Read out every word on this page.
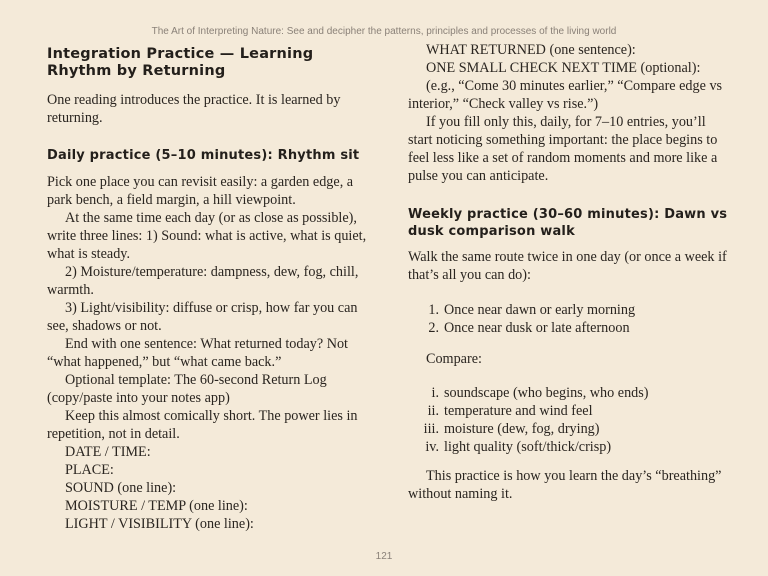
The Art of Interpreting Nature: See and decipher the patterns, principles and processes of the living world
Integration Practice — Learning Rhythm by Returning

One reading introduces the practice. It is learned by returning.

Daily practice (5–10 minutes): Rhythm sit

Pick one place you can revisit easily: a garden edge, a park bench, a field margin, a hill viewpoint.

At the same time each day (or as close as possible), write three lines: 1) Sound: what is active, what is quiet, what is steady.

2) Moisture/temperature: dampness, dew, fog, chill, warmth.

3) Light/visibility: diffuse or crisp, how far you can see, shadows or not.

End with one sentence: What returned today? Not “what happened,” but “what came back.”

Optional template: The 60-second Return Log (copy/paste into your notes app)

Keep this almost comically short. The power lies in repetition, not in detail.

DATE / TIME:

PLACE:

SOUND (one line):

MOISTURE / TEMP (one line):

LIGHT / VISIBILITY (one line):

WHAT RETURNED (one sentence):

ONE SMALL CHECK NEXT TIME (optional):

(e.g., “Come 30 minutes earlier,” “Compare edge vs interior,” “Check valley vs rise.”)

If you fill only this, daily, for 7–10 entries, you’ll start noticing something important: the place begins to feel less like a set of random moments and more like a pulse you can anticipate.

Weekly practice (30–60 minutes): Dawn vs dusk comparison walk

Walk the same route twice in one day (or once a week if that’s all you can do):

1. Once near dawn or early morning
2. Once near dusk or late afternoon

Compare:

i. soundscape (who begins, who ends)
ii. temperature and wind feel
iii. moisture (dew, fog, drying)
iv. light quality (soft/thick/crisp)

This practice is how you learn the day’s “breathing” without naming it.

121
